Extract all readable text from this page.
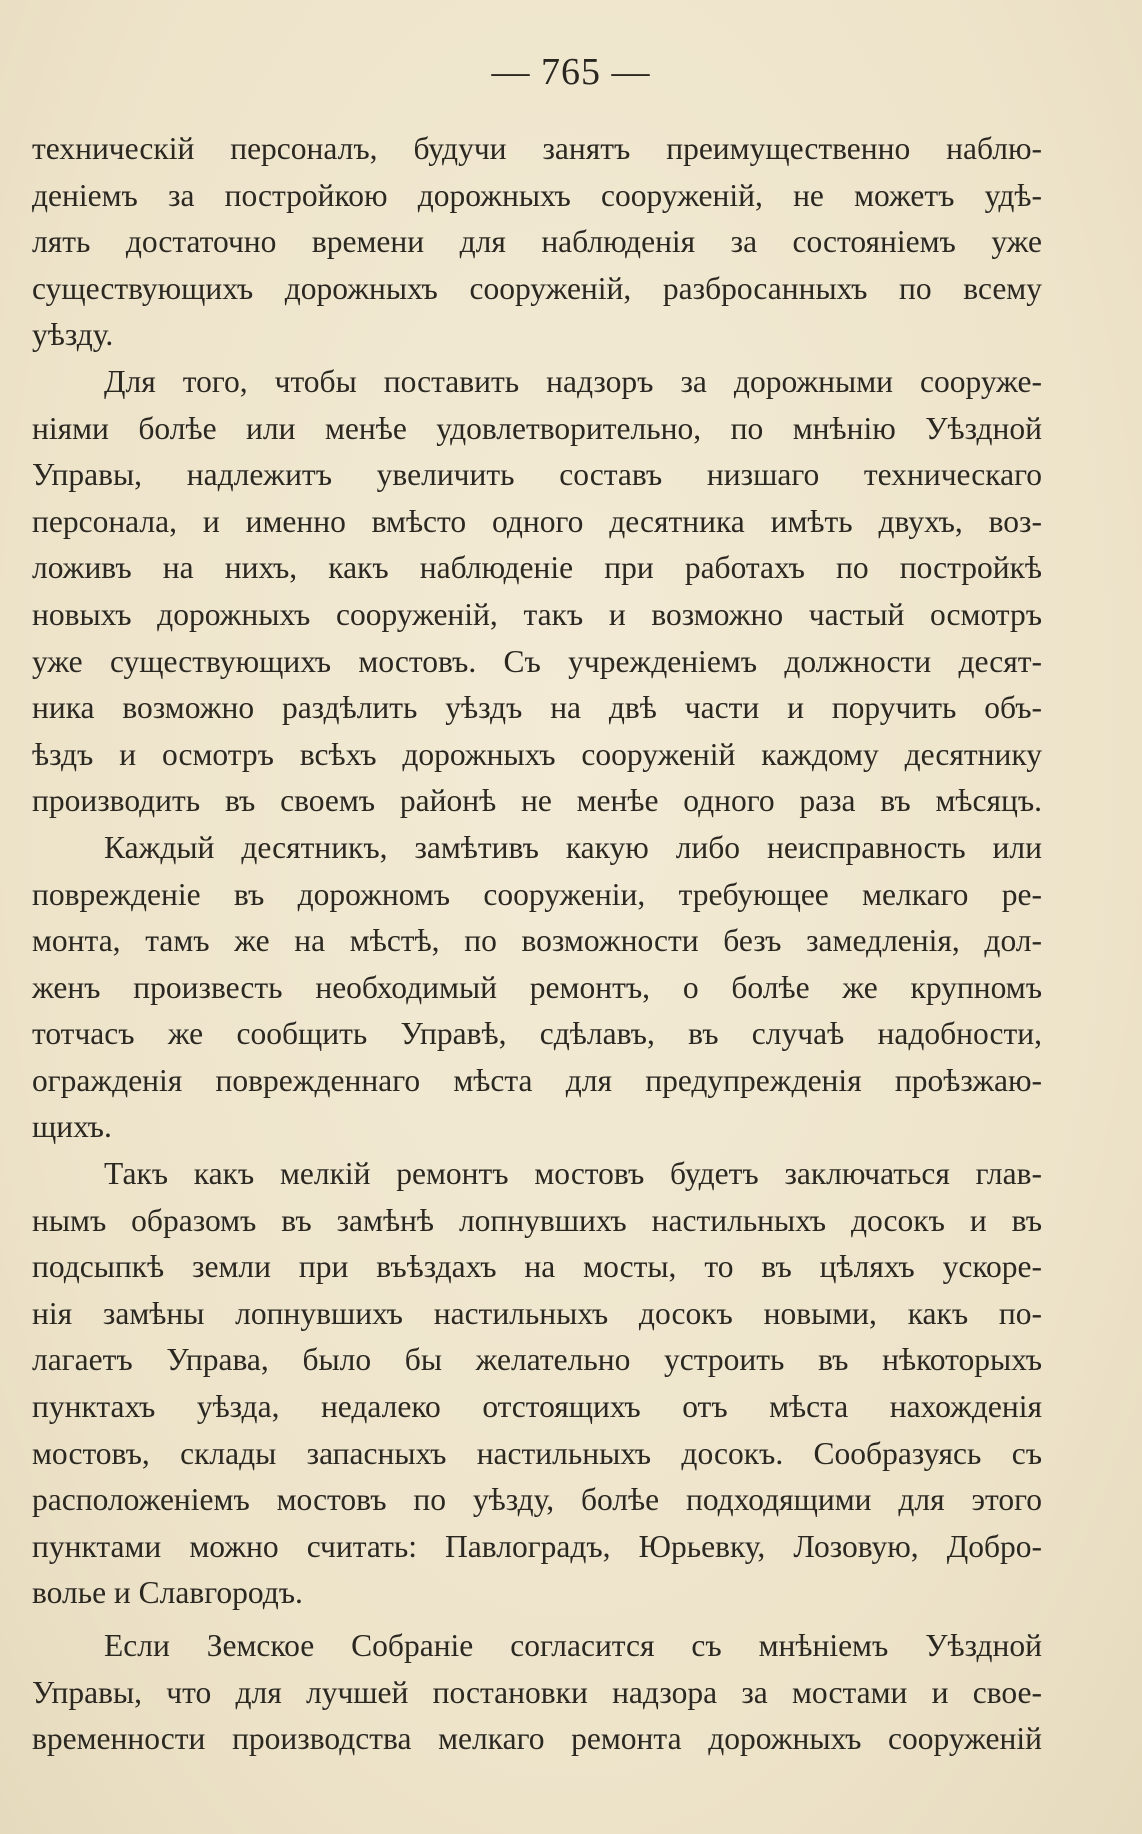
— 765 —
техническій персоналъ, будучи занятъ преимущественно наблю-
деніемъ за постройкою дорожныхъ сооруженій, не можетъ удѣ-
лять достаточно времени для наблюденія за состояніемъ уже
существующихъ дорожныхъ сооруженій, разбросанныхъ по всему
уѣзду.
Для того, чтобы поставить надзоръ за дорожными сооруже-
ніями болѣе или менѣе удовлетворительно, по мнѣнію Уѣздной
Управы, надлежитъ увеличить составъ низшаго техническаго
персонала, и именно вмѣсто одного десятника имѣть двухъ, воз-
ложивъ на нихъ, какъ наблюденіе при работахъ по постройкѣ
новыхъ дорожныхъ сооруженій, такъ и возможно частый осмотръ
уже существующихъ мостовъ. Съ учрежденіемъ должности десят-
ника возможно раздѣлить уѣздъ на двѣ части и поручить объ-
ѣздъ и осмотръ всѣхъ дорожныхъ сооруженій каждому десятнику
производить въ своемъ районѣ не менѣе одного раза въ мѣсяцъ.
Каждый десятникъ, замѣтивъ какую либо неисправность или
поврежденіе въ дорожномъ сооруженіи, требующее мелкаго ре-
монта, тамъ же на мѣстѣ, по возможности безъ замедленія, дол-
женъ произвесть необходимый ремонтъ, о болѣе же крупномъ
тотчасъ же сообщить Управѣ, сдѣлавъ, въ случаѣ надобности,
огражденія поврежденнаго мѣста для предупрежденія проѣзжаю-
щихъ.
Такъ какъ мелкій ремонтъ мостовъ будетъ заключаться глав-
нымъ образомъ въ замѣнѣ лопнувшихъ настильныхъ досокъ и въ
подсыпкѣ земли при въѣздахъ на мосты, то въ цѣляхъ ускоре-
нія замѣны лопнувшихъ настильныхъ досокъ новыми, какъ по-
лагаетъ Управа, было бы желательно устроить въ нѣкоторыхъ
пунктахъ уѣзда, недалеко отстоящихъ отъ мѣста нахожденія
мостовъ, склады запасныхъ настильныхъ досокъ. Сообразуясь съ
расположеніемъ мостовъ по уѣзду, болѣе подходящими для этого
пунктами можно считать: Павлоградъ, Юрьевку, Лозовую, Добро-
волье и Славгородъ.
Если Земское Собраніе согласится съ мнѣніемъ Уѣздной
Управы, что для лучшей постановки надзора за мостами и свое-
временности производства мелкаго ремонта дорожныхъ сооруженій
